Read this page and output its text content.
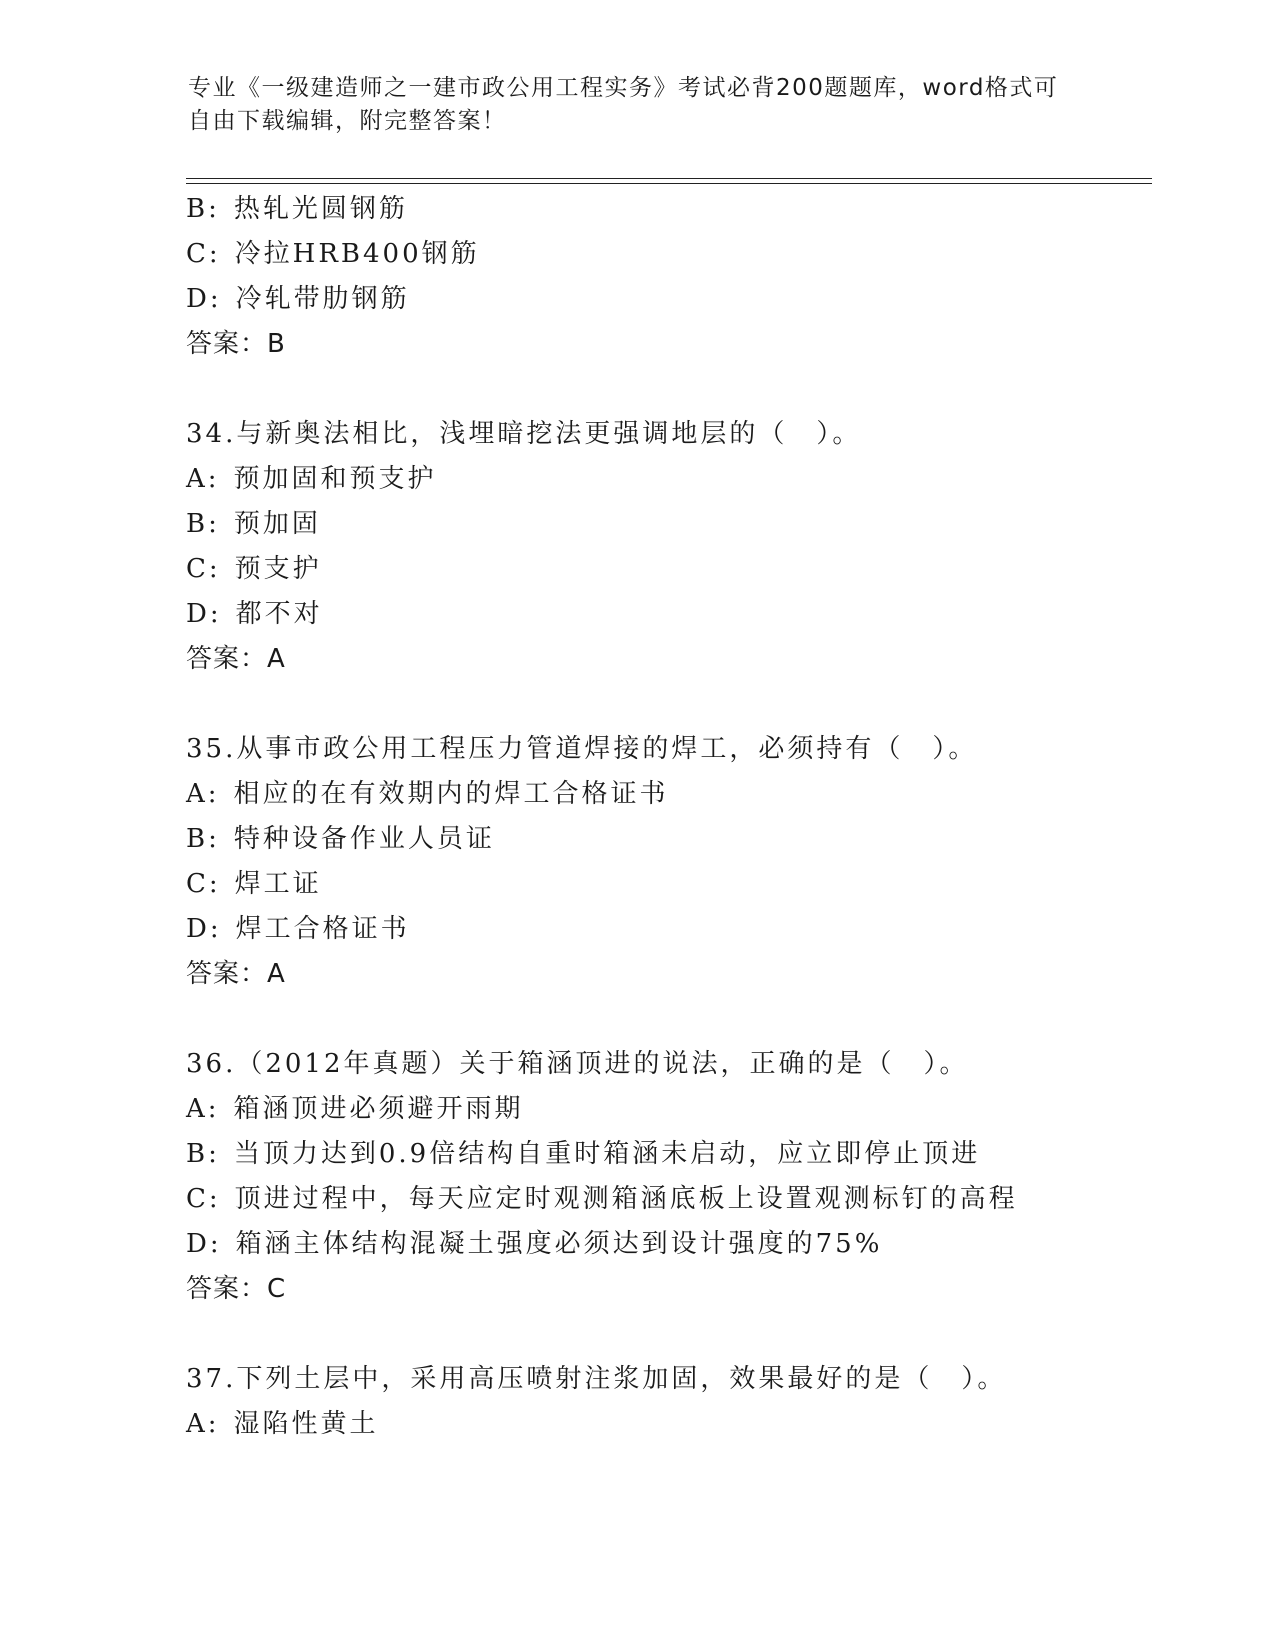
专业《一级建造师之一建市政公用工程实务》考试必背200题题库，word格式可
自由下载编辑，附完整答案！
B: 热轧光圆钢筋
C: 冷拉HRB400钢筋
D: 冷轧带肋钢筋
答案：B
34.与新奥法相比，浅埋暗挖法更强调地层的（　）。
A: 预加固和预支护
B: 预加固
C: 预支护
D: 都不对
答案：A
35.从事市政公用工程压力管道焊接的焊工，必须持有（　）。
A: 相应的在有效期内的焊工合格证书
B: 特种设备作业人员证
C: 焊工证
D: 焊工合格证书
答案：A
36.（2012年真题）关于箱涵顶进的说法，正确的是（　）。
A: 箱涵顶进必须避开雨期
B: 当顶力达到0.9倍结构自重时箱涵未启动，应立即停止顶进
C: 顶进过程中，每天应定时观测箱涵底板上设置观测标钉的高程
D: 箱涵主体结构混凝土强度必须达到设计强度的75%
答案：C
37.下列土层中，采用高压喷射注浆加固，效果最好的是（　）。
A: 湿陷性黄土
